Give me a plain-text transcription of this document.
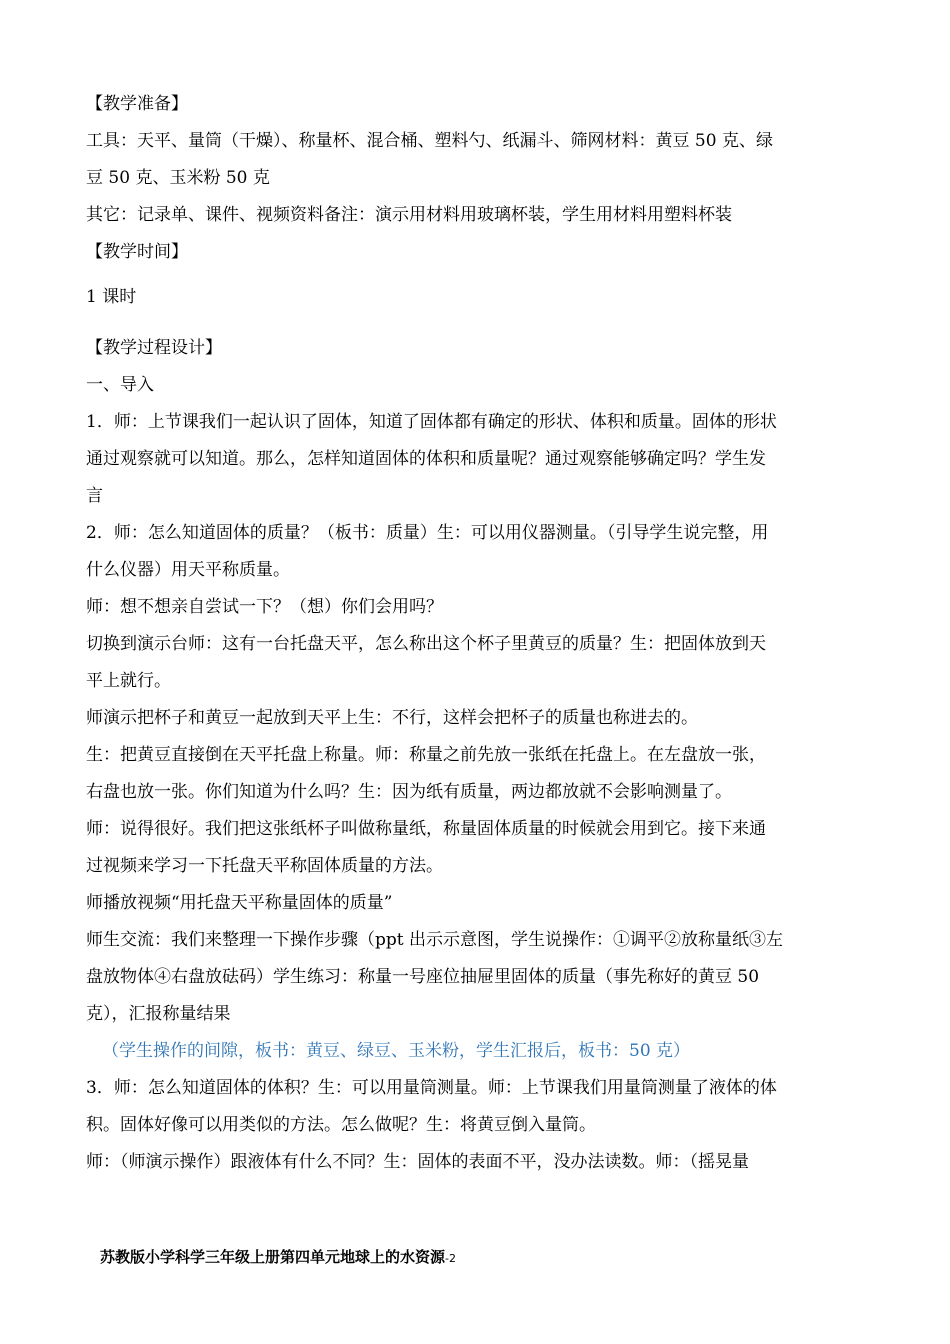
【教学准备】

工具：天平、量筒（干燥）、称量杯、混合桶、塑料勺、纸漏斗、筛网材料：黄豆 50 克、绿

豆 50 克、玉米粉 50 克

其它：记录单、课件、视频资料备注：演示用材料用玻璃杯装，学生用材料用塑料杯装

【教学时间】

1 课时

【教学过程设计】

一、导入

1．师：上节课我们一起认识了固体，知道了固体都有确定的形状、体积和质量。固体的形状

通过观察就可以知道。那么，怎样知道固体的体积和质量呢？通过观察能够确定吗？学生发

言

2．师：怎么知道固体的质量？（板书：质量）生：可以用仪器测量。（引导学生说完整，用

什么仪器）用天平称质量。

师：想不想亲自尝试一下？（想）你们会用吗？

切换到演示台师：这有一台托盘天平，怎么称出这个杯子里黄豆的质量？生：把固体放到天

平上就行。

师演示把杯子和黄豆一起放到天平上生：不行，这样会把杯子的质量也称进去的。

生：把黄豆直接倒在天平托盘上称量。师：称量之前先放一张纸在托盘上。在左盘放一张，

右盘也放一张。你们知道为什么吗？生：因为纸有质量，两边都放就不会影响测量了。

师：说得很好。我们把这张纸杯子叫做称量纸，称量固体质量的时候就会用到它。接下来通

过视频来学习一下托盘天平称固体质量的方法。

师播放视频“用托盘天平称量固体的质量”

师生交流：我们来整理一下操作步骤（ppt 出示示意图，学生说操作：①调平②放称量纸③左

盘放物体④右盘放砝码）学生练习：称量一号座位抽屉里固体的质量（事先称好的黄豆 50

克），汇报称量结果

（学生操作的间隙，板书：黄豆、绿豆、玉米粉，学生汇报后，板书：50 克）

3．师：怎么知道固体的体积？生：可以用量筒测量。师：上节课我们用量筒测量了液体的体

积。固体好像可以用类似的方法。怎么做呢？生：将黄豆倒入量筒。

师：（师演示操作）跟液体有什么不同？生：固体的表面不平，没办法读数。师：（摇晃量

苏教版小学科学三年级上册第四单元地球上的水资源-2
